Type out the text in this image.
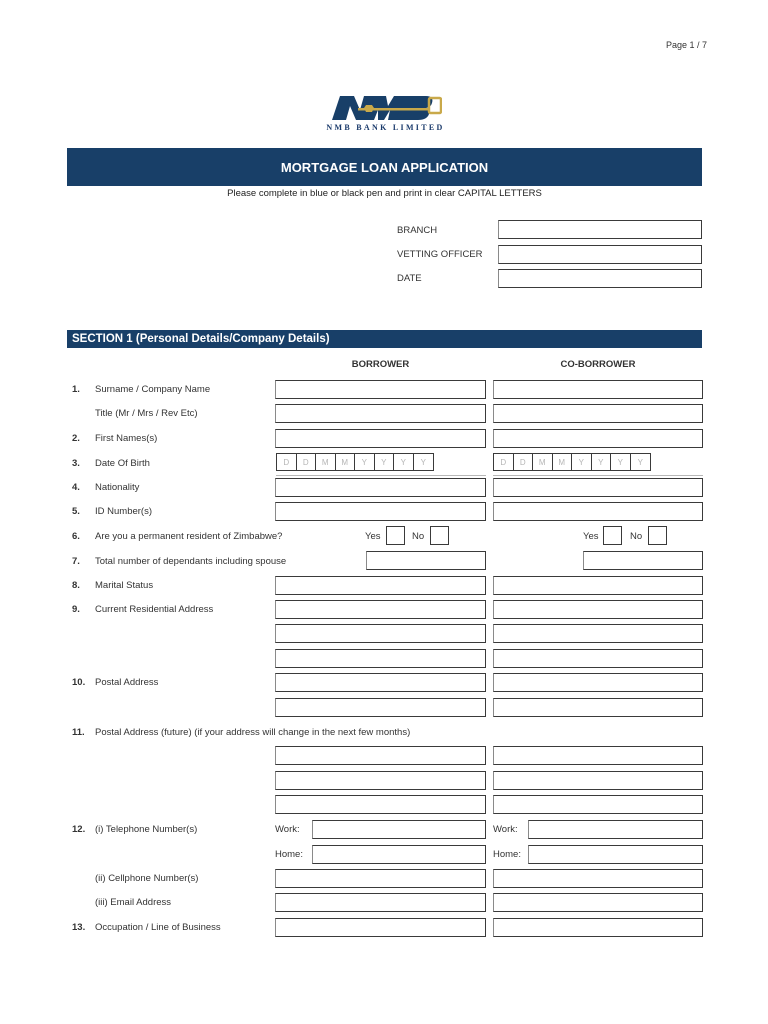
Page 1 / 7
NMB BANK LIMITED
MORTGAGE LOAN APPLICATION
Please complete in blue or black pen and print in clear CAPITAL LETTERS
BRANCH
VETTING OFFICER
DATE
SECTION 1 (Personal Details/Company Details)
BORROWER	CO-BORROWER
1. Surname / Company Name
Title (Mr / Mrs / Rev Etc)
2. First Names(s)
3. Date Of Birth	D	D	M	M	Y	Y	Y	Y	D	D	M	M	Y	Y	Y	Y
4. Nationality
5. ID Number(s)
6. Are you a permanent resident of Zimbabwe?	Yes	No	Yes	No
7. Total number of dependants including spouse
8. Marital Status
9. Current Residential Address
10. Postal Address
11. Postal Address (future) (if your address will change in the next few months)
12. (i) Telephone Number(s)	Work:	Work:
Home:	Home:
(ii) Cellphone Number(s)
(iii) Email Address
13. Occupation / Line of Business
